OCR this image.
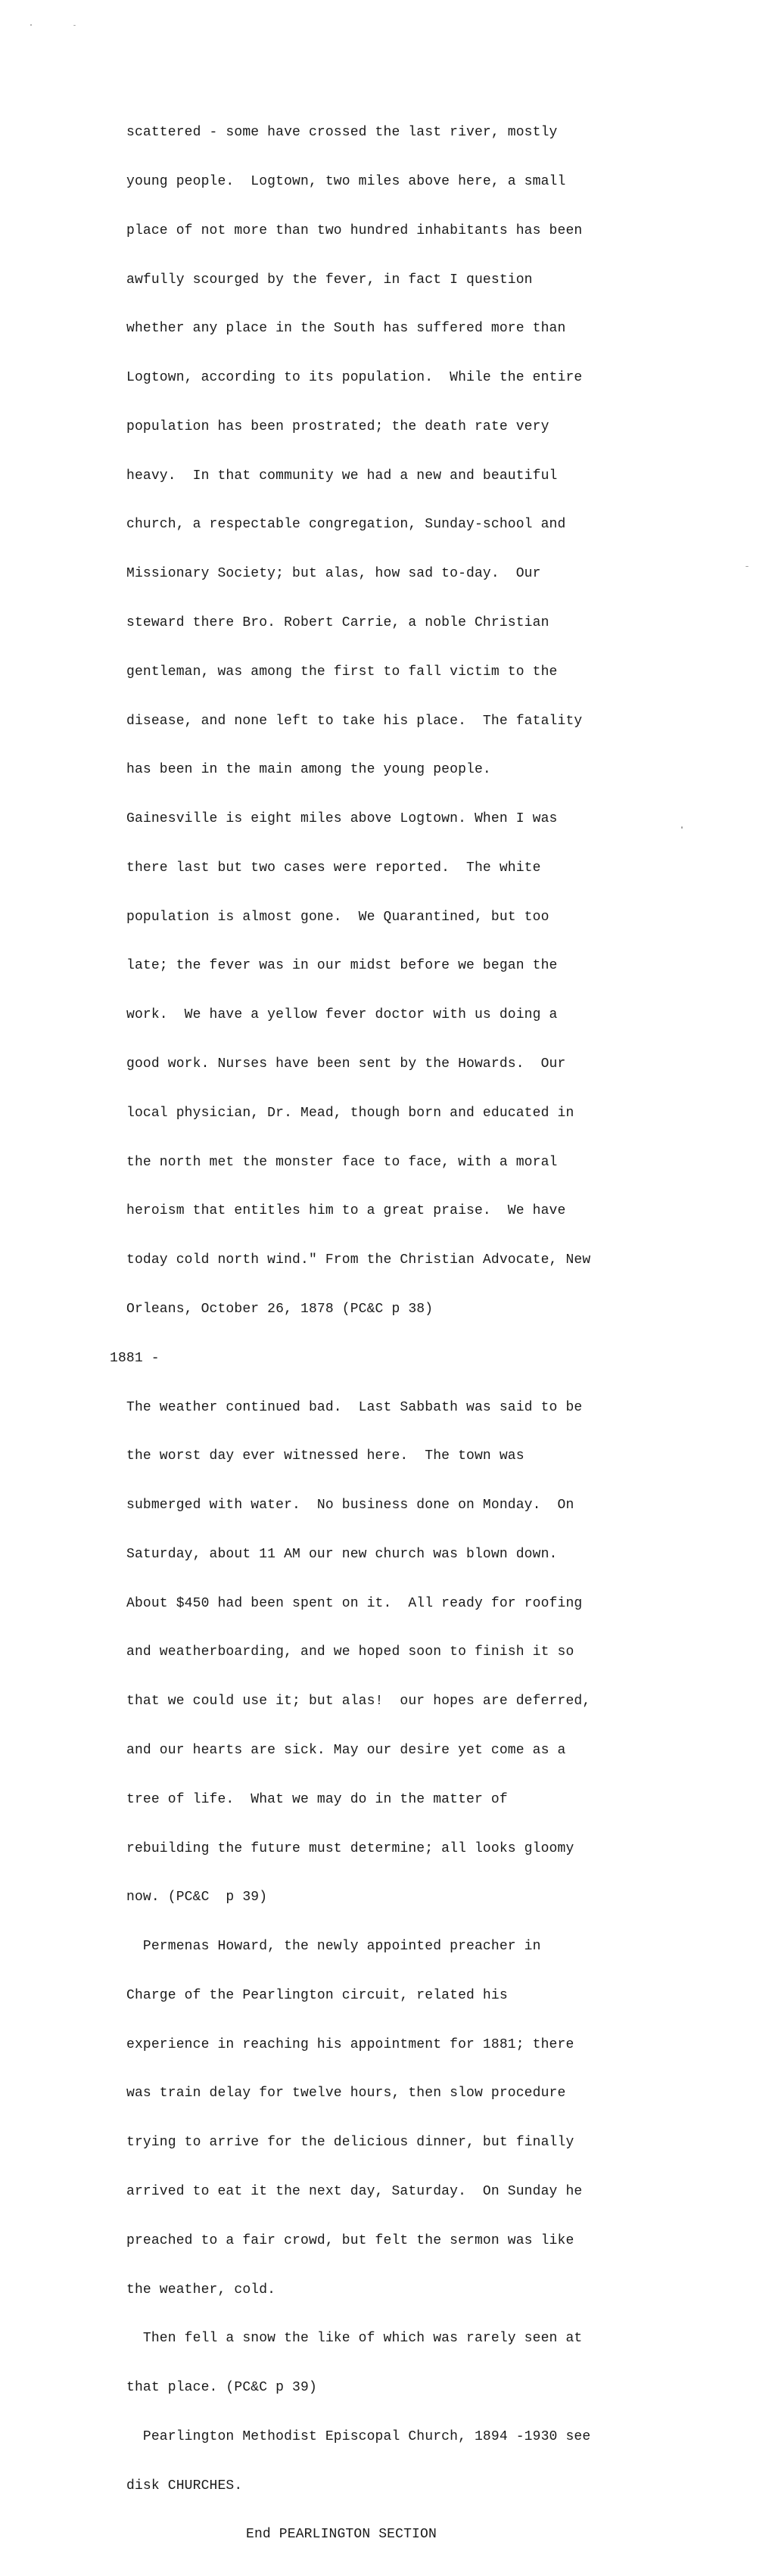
scattered - some have crossed the last river, mostly

young people.  Logtown, two miles above here, a small

place of not more than two hundred inhabitants has been

awfully scourged by the fever, in fact I question

whether any place in the South has suffered more than

Logtown, according to its population.  While the entire

population has been prostrated; the death rate very

heavy.  In that community we had a new and beautiful

church, a respectable congregation, Sunday-school and

Missionary Society; but alas, how sad to-day.  Our

steward there Bro. Robert Carrie, a noble Christian

gentleman, was among the first to fall victim to the

disease, and none left to take his place.  The fatality

has been in the main among the young people.

Gainesville is eight miles above Logtown. When I was

there last but two cases were reported.  The white

population is almost gone.  We Quarantined, but too

late; the fever was in our midst before we began the

work.  We have a yellow fever doctor with us doing a

good work. Nurses have been sent by the Howards.  Our

local physician, Dr. Mead, though born and educated in

the north met the monster face to face, with a moral

heroism that entitles him to a great praise.  We have

today cold north wind." From the Christian Advocate, New

Orleans, October 26, 1878 (PC&C p 38)

1881 -

The weather continued bad.  Last Sabbath was said to be

the worst day ever witnessed here.  The town was

submerged with water.  No business done on Monday.  On

Saturday, about 11 AM our new church was blown down.

About $450 had been spent on it.  All ready for roofing

and weatherboarding, and we hoped soon to finish it so

that we could use it; but alas!  our hopes are deferred,

and our hearts are sick. May our desire yet come as a

tree of life.  What we may do in the matter of

rebuilding the future must determine; all looks gloomy

now. (PC&C  p 39)

Permenas Howard, the newly appointed preacher in

Charge of the Pearlington circuit, related his

experience in reaching his appointment for 1881; there

was train delay for twelve hours, then slow procedure

trying to arrive for the delicious dinner, but finally

arrived to eat it the next day, Saturday.  On Sunday he

preached to a fair crowd, but felt the sermon was like

the weather, cold.

Then fell a snow the like of which was rarely seen at

that place. (PC&C p 39)

Pearlington Methodist Episcopal Church, 1894 -1930 see

disk CHURCHES.

End PEARLINGTON SECTION
